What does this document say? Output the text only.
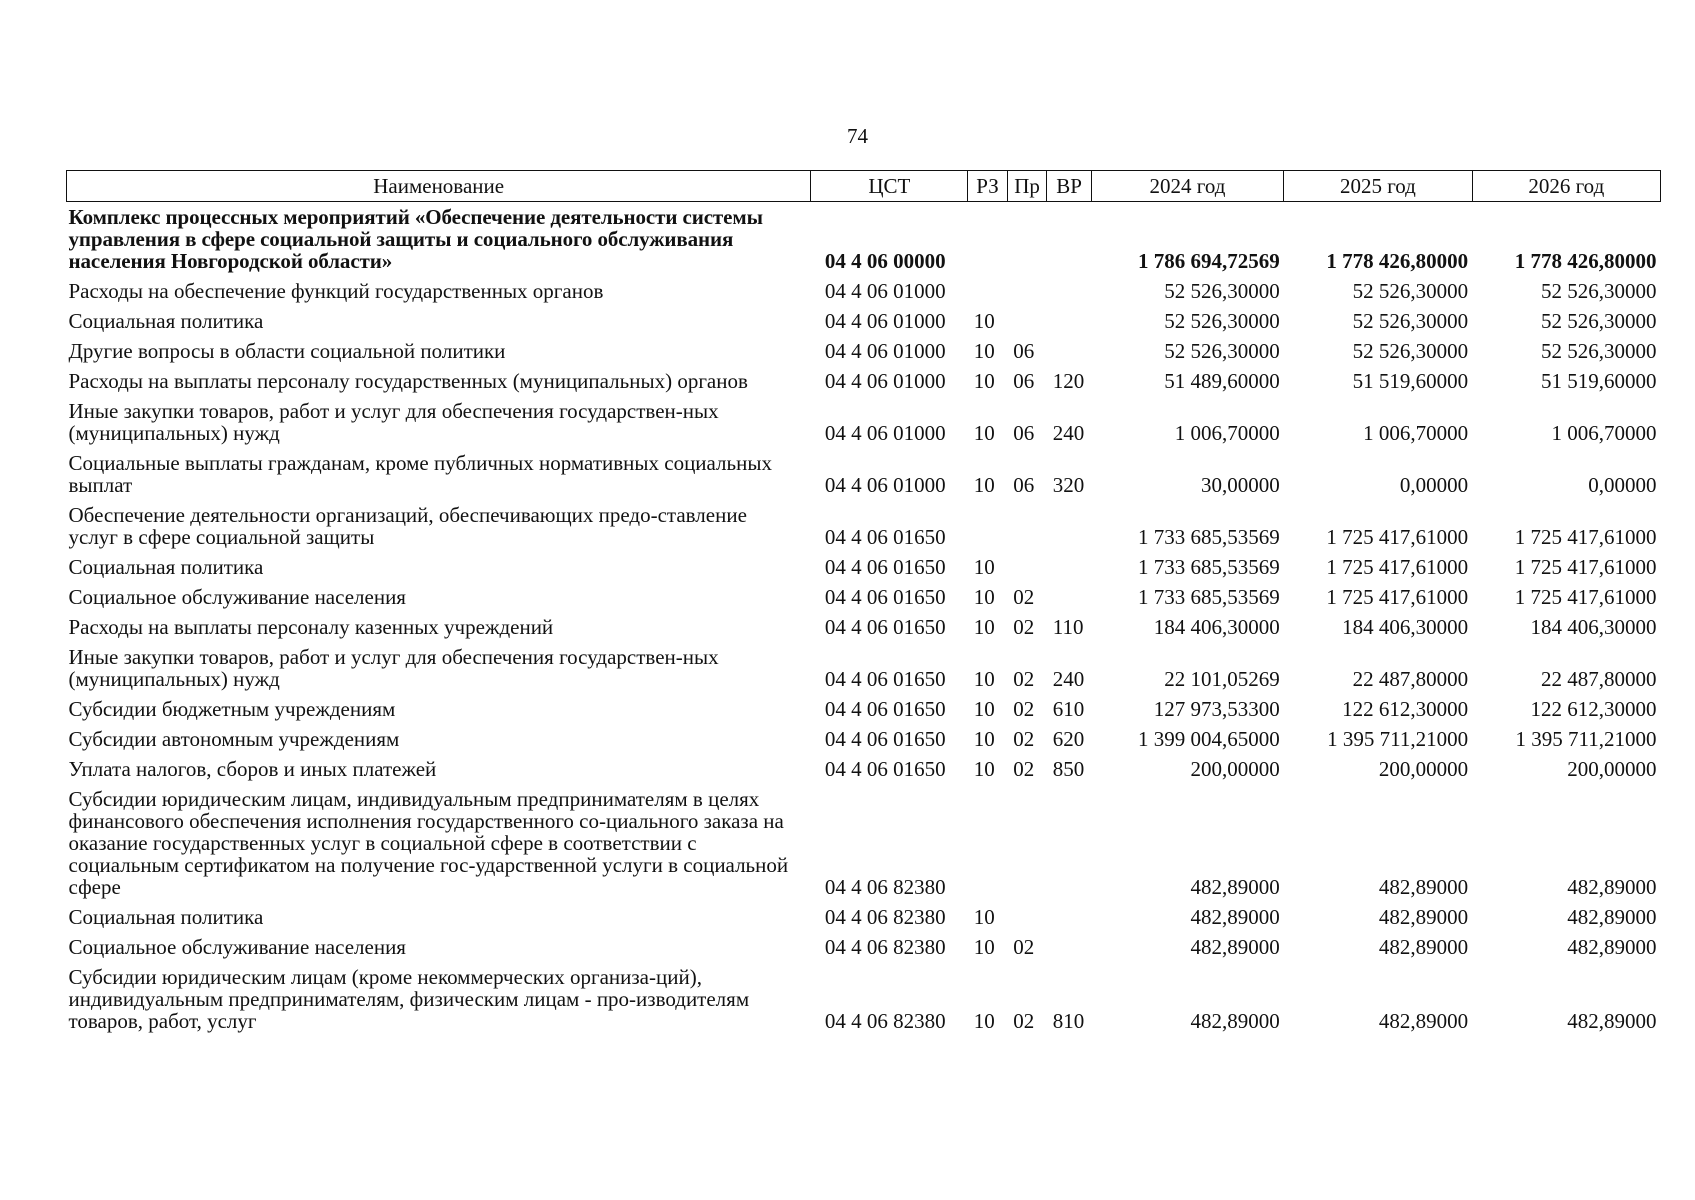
74
Наименование	ЦСТ	РЗ	Пр	ВР	2024 год	2025 год	2026 год
Комплекс процессных мероприятий «Обеспечение деятельности системы управления в сфере социальной защиты и социального обслуживания населения Новгородской области»	04 4 06 00000				1 786 694,72569	1 778 426,80000	1 778 426,80000
Расходы на обеспечение функций государственных органов	04 4 06 01000				52 526,30000	52 526,30000	52 526,30000
Социальная политика	04 4 06 01000	10			52 526,30000	52 526,30000	52 526,30000
Другие вопросы в области социальной политики	04 4 06 01000	10	06		52 526,30000	52 526,30000	52 526,30000
Расходы на выплаты персоналу государственных (муниципальных) органов	04 4 06 01000	10	06	120	51 489,60000	51 519,60000	51 519,60000
Иные закупки товаров, работ и услуг для обеспечения государствен-ных (муниципальных) нужд	04 4 06 01000	10	06	240	1 006,70000	1 006,70000	1 006,70000
Социальные выплаты гражданам, кроме публичных нормативных социальных выплат	04 4 06 01000	10	06	320	30,00000	0,00000	0,00000
Обеспечение деятельности организаций, обеспечивающих предо-ставление услуг в сфере социальной защиты	04 4 06 01650				1 733 685,53569	1 725 417,61000	1 725 417,61000
Социальная политика	04 4 06 01650	10			1 733 685,53569	1 725 417,61000	1 725 417,61000
Социальное обслуживание населения	04 4 06 01650	10	02		1 733 685,53569	1 725 417,61000	1 725 417,61000
Расходы на выплаты персоналу казенных учреждений	04 4 06 01650	10	02	110	184 406,30000	184 406,30000	184 406,30000
Иные закупки товаров, работ и услуг для обеспечения государствен-ных (муниципальных) нужд	04 4 06 01650	10	02	240	22 101,05269	22 487,80000	22 487,80000
Субсидии бюджетным учреждениям	04 4 06 01650	10	02	610	127 973,53300	122 612,30000	122 612,30000
Субсидии автономным учреждениям	04 4 06 01650	10	02	620	1 399 004,65000	1 395 711,21000	1 395 711,21000
Уплата налогов, сборов и иных платежей	04 4 06 01650	10	02	850	200,00000	200,00000	200,00000
Субсидии юридическим лицам, индивидуальным предпринимателям в целях финансового обеспечения исполнения государственного со-циального заказа на оказание государственных услуг в социальной сфере в соответствии с социальным сертификатом на получение гос-ударственной услуги в социальной сфере	04 4 06 82380				482,89000	482,89000	482,89000
Социальная политика	04 4 06 82380	10			482,89000	482,89000	482,89000
Социальное обслуживание населения	04 4 06 82380	10	02		482,89000	482,89000	482,89000
Субсидии юридическим лицам (кроме некоммерческих организа-ций), индивидуальным предпринимателям, физическим лицам - про-изводителям товаров, работ, услуг	04 4 06 82380	10	02	810	482,89000	482,89000	482,89000
